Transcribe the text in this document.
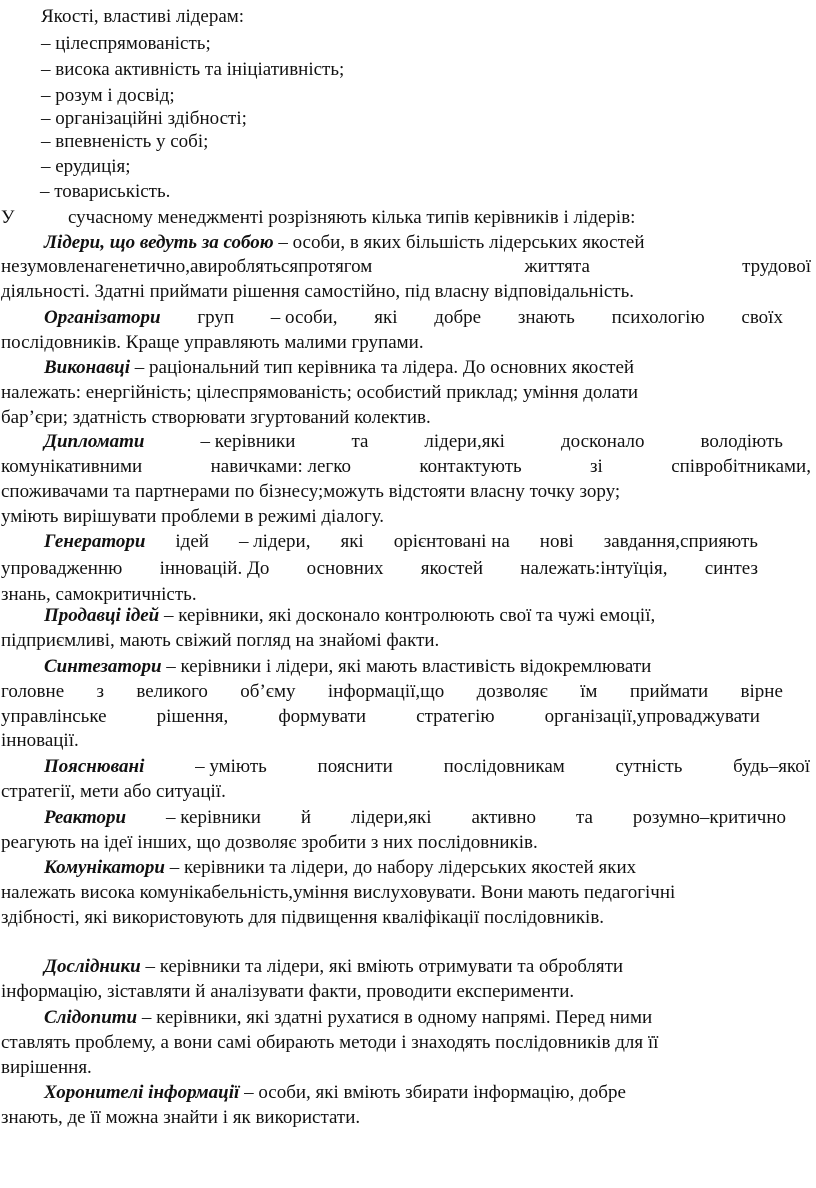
Якості, властиві лідерам:
– цілеспрямованість;
– висока активність та ініціативність;
– розум і досвід;
– організаційні здібності;
– впевненість у собі;
– ерудиція;
– товариськість.
У	сучасному менеджменті розрізняють кілька типів керівників і лідерів:
Лідери, що ведуть за собою – особи, в яких більшість лідерських якостей
незумовленагенетично,авироблятьсяпротягом	життята	трудової
діяльності. Здатні приймати рішення самостійно, під власну відповідальність.
Організатори груп – особи, які добре знають психологію своїх
послідовників. Краще управляють малими групами.
Виконавці – раціональний тип керівника та лідера. До основних якостей
належать: енергійність; цілеспрямованість; особистий приклад; уміння долати
бар’єри; здатність створювати згуртований колектив.
Дипломати	– керівники	та	лідери,які	досконало	володіють
комунікативними	навичками: легко	контактують	зі	співробітниками,
споживачами та партнерами по бізнесу;можуть відстояти власну точку зору;
уміють вирішувати проблеми в режимі діалогу.
Генератори ідей – лідери, які орієнтовані на нові завдання,сприяють
упровадженню інновацій. До основних якостей належать:інтуїція, синтез
знань, самокритичність.
Продавці ідей – керівники, які досконало контролюють свої та чужі емоції,
підприємливі, мають свіжий погляд на знайомі факти.
Синтезатори – керівники і лідери, які мають властивість відокремлювати
головне з великого об’єму інформації,що дозволяє їм приймати вірне
управлінське	рішення,	формувати	стратегію	організації,упроваджувати
інновації.
Пояснювані	– уміють	пояснити	послідовникам	сутність	будь–якої
стратегії, мети або ситуації.
Реактори – керівники й лідери,які активно та розумно–критично
реагують на ідеї інших, що дозволяє зробити з них послідовників.
Комунікатори – керівники та лідери, до набору лідерських якостей яких
належать висока комунікабельність,уміння вислуховувати. Вони мають педагогічні
здібності, які використовують для підвищення кваліфікації послідовників.
Дослідники – керівники та лідери, які вміють отримувати та обробляти
інформацію, зіставляти й аналізувати факти, проводити експерименти.
Слідопити – керівники, які здатні рухатися в одному напрямі. Перед ними
ставлять проблему, а вони самі обирають методи і знаходять послідовників для її
вирішення.
Хоронителі інформації – особи, які вміють збирати інформацію, добре
знають, де її можна знайти і як використати.
